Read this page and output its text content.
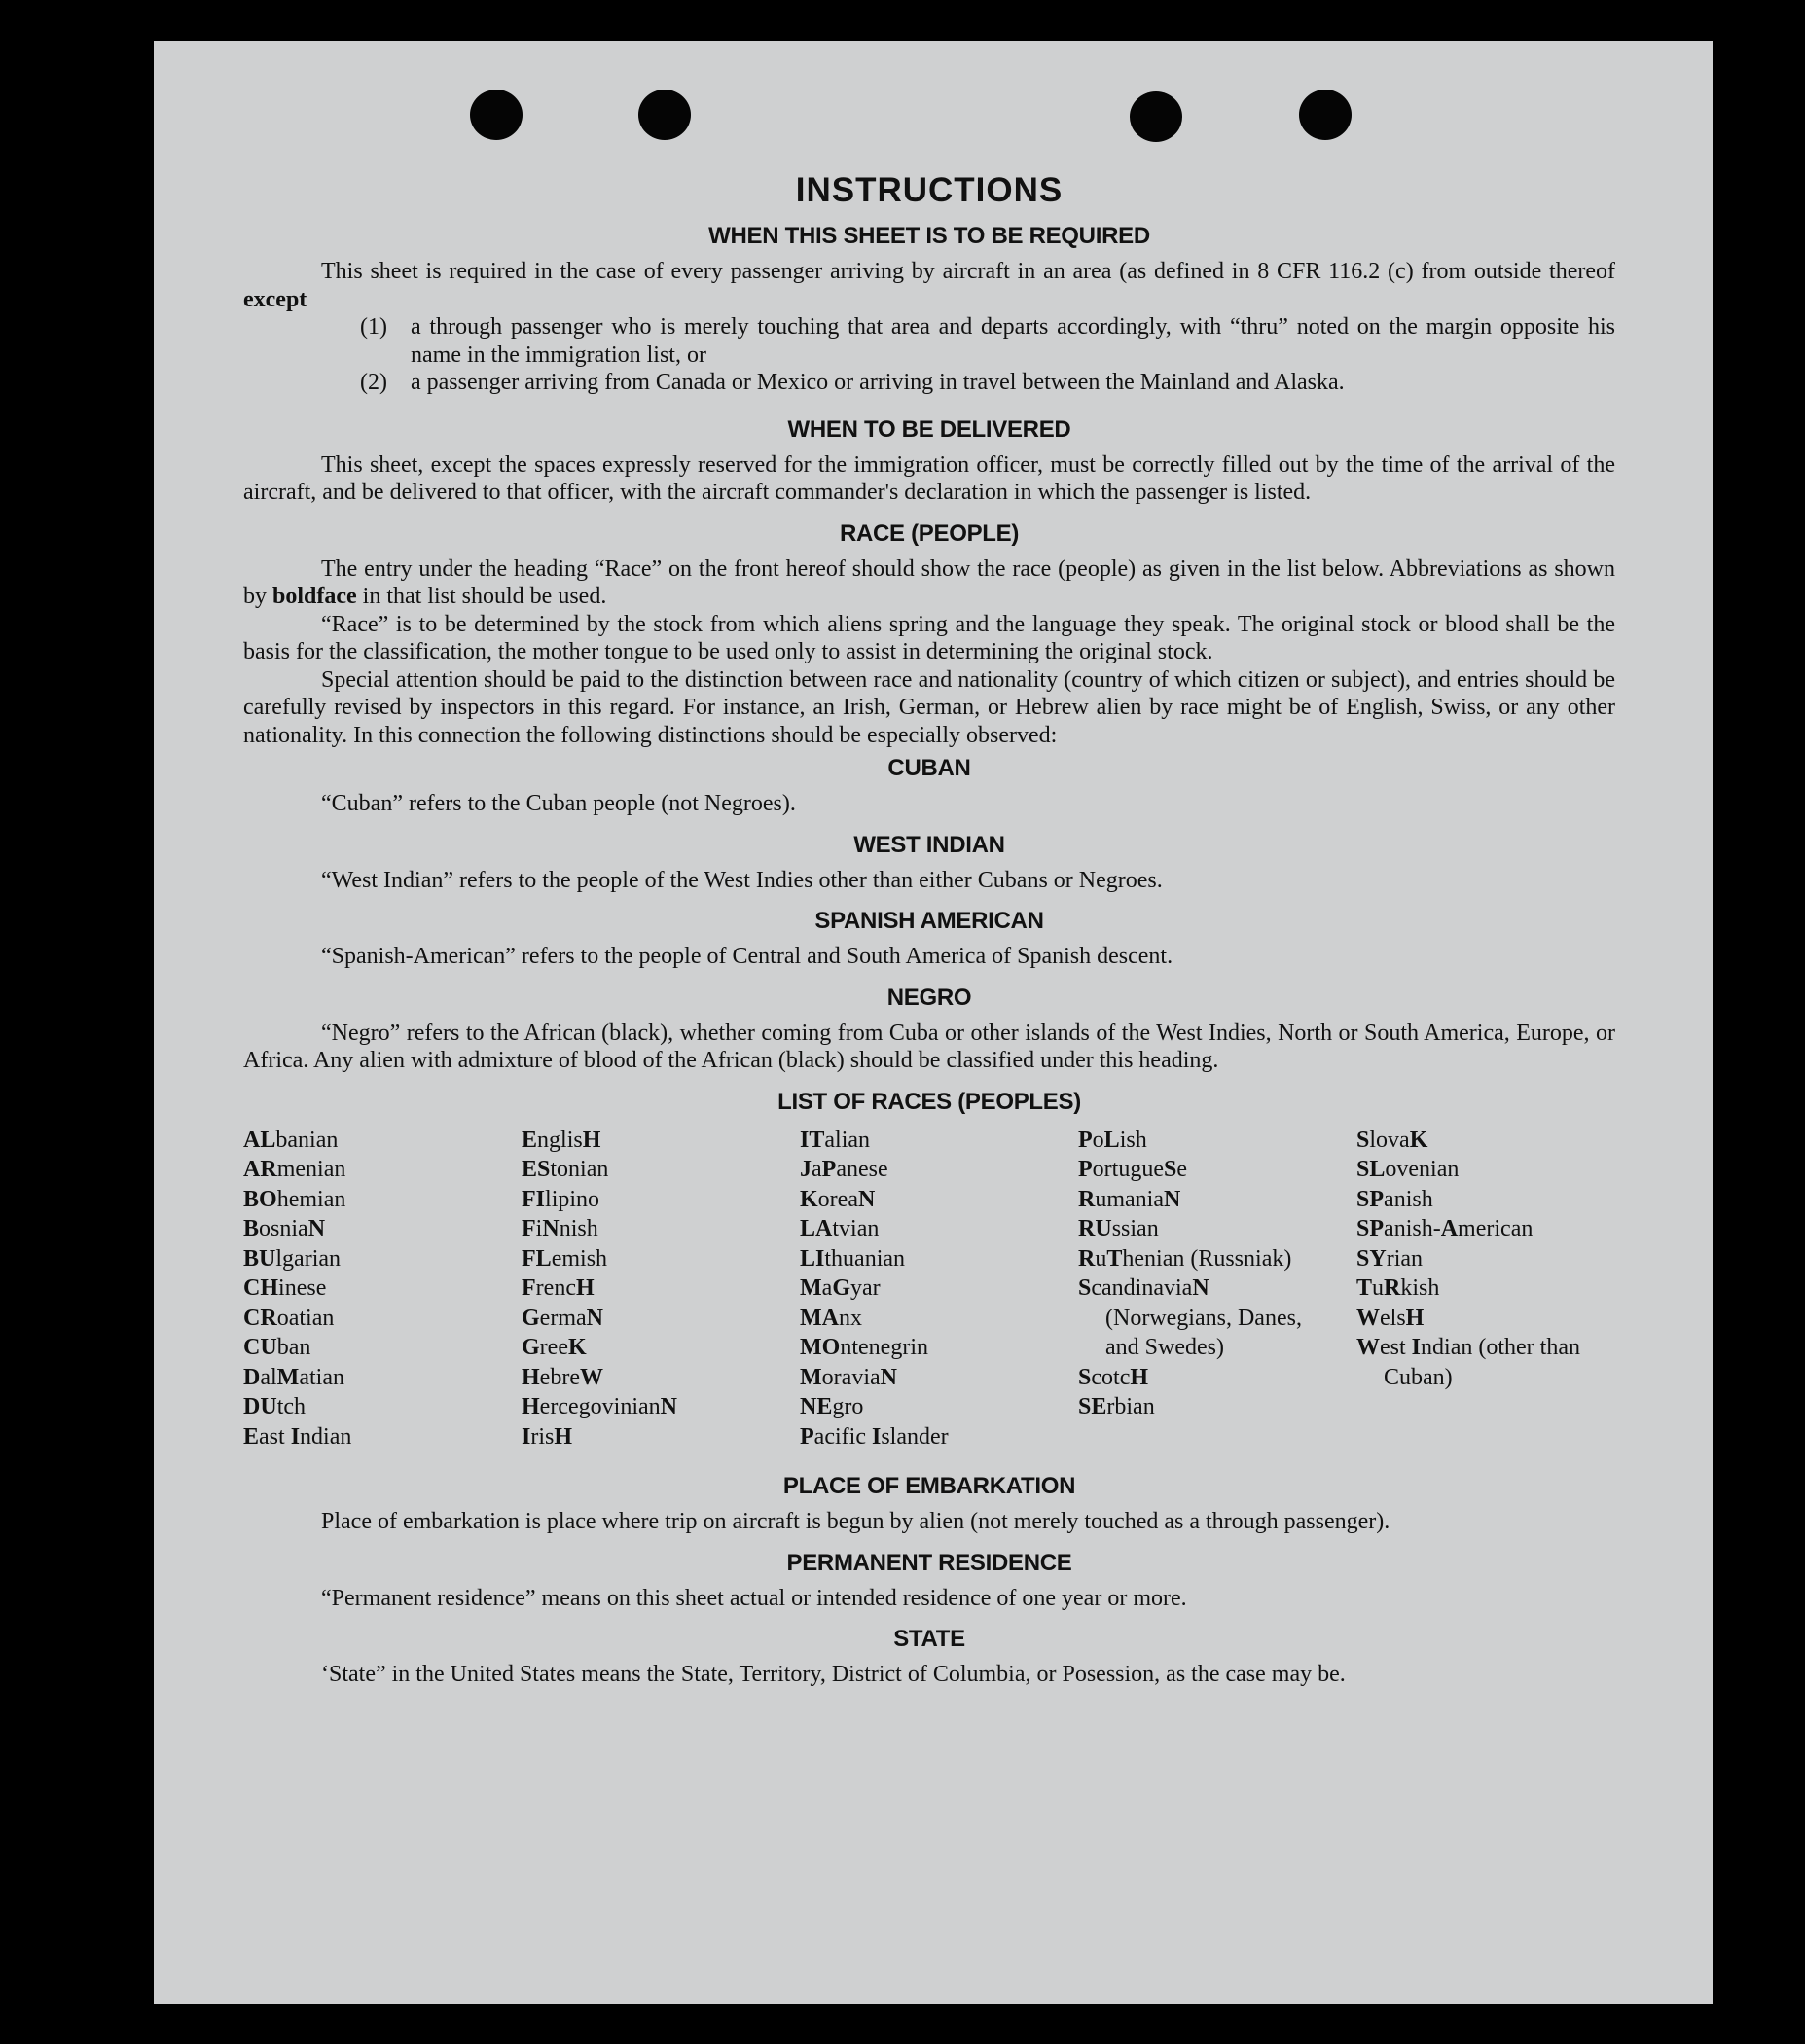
INSTRUCTIONS
WHEN THIS SHEET IS TO BE REQUIRED

This sheet is required in the case of every passenger arriving by aircraft in an area (as defined in 8 CFR 116.2 (c) from outside thereof except

(1)	a through passenger who is merely touching that area and departs accordingly, with “thru” noted on the margin opposite his name in the immigration list, or
(2)	a passenger arriving from Canada or Mexico or arriving in travel between the Mainland and Alaska.
WHEN TO BE DELIVERED

This sheet, except the spaces expressly reserved for the immigration officer, must be correctly filled out by the time of the arrival of the aircraft, and be delivered to that officer, with the aircraft commander's declaration in which the passenger is listed.

RACE (PEOPLE)

The entry under the heading “Race” on the front hereof should show the race (people) as given in the list below. Abbreviations as shown by boldface in that list should be used.

“Race” is to be determined by the stock from which aliens spring and the language they speak. The original stock or blood shall be the basis for the classification, the mother tongue to be used only to assist in determining the original stock.

Special attention should be paid to the distinction between race and nationality (country of which citizen or subject), and entries should be carefully revised by inspectors in this regard. For instance, an Irish, German, or Hebrew alien by race might be of English, Swiss, or any other nationality. In this connection the following distinctions should be especially observed:

CUBAN

“Cuban” refers to the Cuban people (not Negroes).

WEST INDIAN

“West Indian” refers to the people of the West Indies other than either Cubans or Negroes.

SPANISH AMERICAN

“Spanish-American” refers to the people of Central and South America of Spanish descent.

NEGRO

“Negro” refers to the African (black), whether coming from Cuba or other islands of the West Indies, North or South America, Europe, or Africa. Any alien with admixture of blood of the African (black) should be classified under this heading.

LIST OF RACES (PEOPLES)
ALbanian
ARmenian
BOhemian
BosniaN
BUlgarian
CHinese
CRoatian
CUban
DalMatian
DUtch
East Indian
EnglisH
EStonian
FIlipino
FiNnish
FLemish
FrencH
GermaN
GreeK
HebreW
HercegovinianN
IrisH
ITalian
JaPanese
KoreaN
LAtvian
LIthuanian
MaGyar
MAnx
MOntenegrin
MoraviaN
NEgro
Pacific Islander
PoLish
PortugueSe
RumaniaN
RUssian
RuThenian (Russniak)
ScandinaviaN (Norwegians, Danes, and Swedes)
ScotcH
SErbian
SlovaK
SLovenian
SPanish
SPanish-American
SYrian
TuRkish
WelsH
West Indian (other than Cuban)
PLACE OF EMBARKATION

Place of embarkation is place where trip on aircraft is begun by alien (not merely touched as a through passenger).

PERMANENT RESIDENCE

“Permanent residence” means on this sheet actual or intended residence of one year or more.

STATE

‘State” in the United States means the State, Territory, District of Columbia, or Posession, as the case may be.
